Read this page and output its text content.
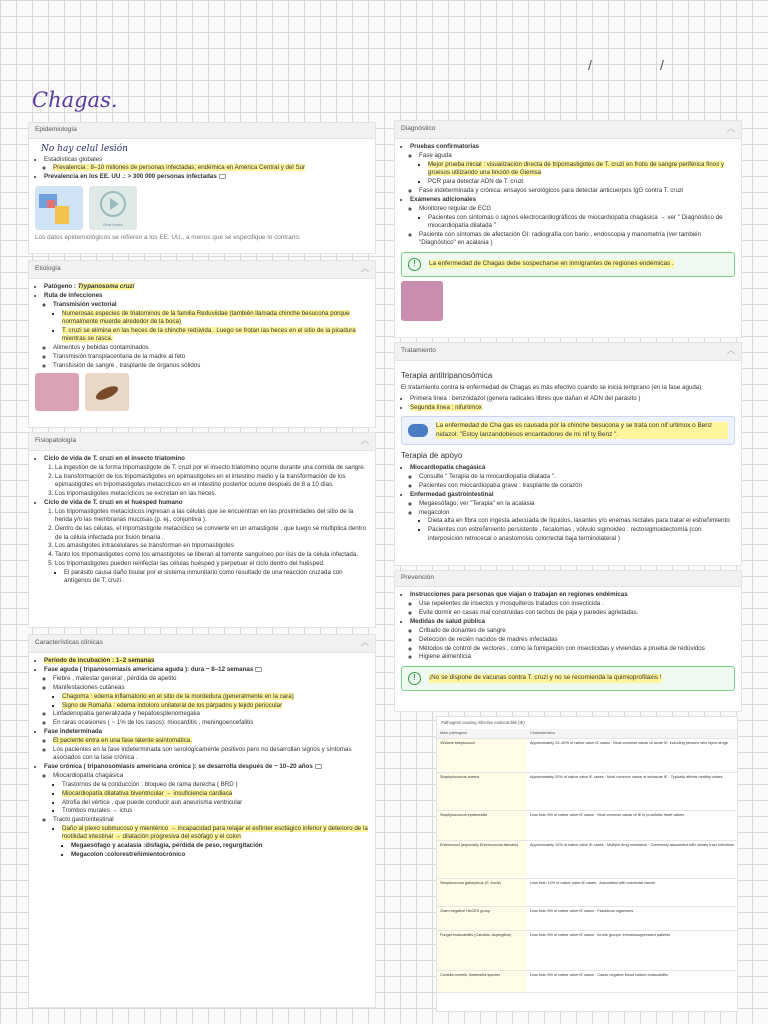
Chagas.
/	/
Epidemiología
No hay celul lesión
• Estadísticas globales
◦ Prevalencia : 8–10 millones de personas infectadas; endémica en América Central y del Sur
• Prevalencia en los EE. UU .: > 300 000 personas infectadas

Read Nodes
Los datos epidemiológicos se refieren a los EE. UU., a menos que se especifique lo contrario.
Etiología	︿
• Patógeno : Trypanosoma cruzi
• Ruta de infecciones
◦ Transmisión vectorial
▪ Numerosas especies de triatominos de la familia Reduviidae (también llamada chinche besucona porque normalmente muerde alrededor de la boca)
▪ T. cruzi se elimina en las heces de la chinche redúvida . Luego se frotan las heces en el sitio de la picadura mientras se rasca.
◦ Alimentos y bebidas contaminados
◦ Transmisión transplacentaria de la madre al feto
◦ Transfusión de sangre , trasplante de órganos sólidos

Fisiopatología	︿
• Ciclo de vida de T. cruzi en el insecto triatomino
1. La ingestión de la forma tripomastigote de T. cruzi por el insecto triatomino ocurre durante una comida de sangre.
2. La transformación de los tripomastigotes en epimastigotes en el intestino medio y la transformación de los epimastigotes en tripomastigotes metacíclicos en el intestino posterior ocurre después de 8 a 10 días.
3. Los tripomastigotes metacíclicos se excretan en las heces.
• Ciclo de vida de T. cruzi en el huésped humano
1. Los tripomastigotes metacíclicos ingresan a las células que se encuentran en las proximidades del sitio de la herida y/o las membranas mucosas (p. ej., conjuntiva ).
2. Dentro de las células, el tripomastigote metacíclico se convierte en un amastigote , que luego se multiplica dentro de la célula infectada por fisión binaria .
3. Los amastigotes intracelulares se transforman en tripomastigotes
4. Tanto los tripomastigotes como los amastigotes se liberan al torrente sanguíneo por lisis de la célula infectada.
5. Los tripomastigotes pueden reinfectar las células huésped y perpetuar el ciclo dentro del huésped.
▪ El parásito causa daño tisular por el sistema inmunitario como resultado de una reacción cruzada con antígenos de T. cruzi .
Características clínicas	︿
• Período de incubación : 1–2 semanas
• Fase aguda ( tripanosomiasis americana aguda ): dura ~ 8–12 semanas
◦ Fiebre , malestar general , pérdida de apetito
◦ Manifestaciones cutáneas
▪ Chagoma : edema inflamatorio en el sitio de la mordedura (generalmente en la cara)
▪ Signo de Romaña : edema indoloro unilateral de los párpados y tejido periocular
◦ Linfadenopatía generalizada y hepatoesplenomegalia
◦ En raras ocasiones ( ~ 1% de los casos): miocarditis , meningoencefalitis
• Fase indeterminada
◦ El paciente entra en una fase latente asintomática.
◦ Los pacientes en la fase indeterminada son serológicamente positivos pero no desarrollan signos y síntomas asociados con la fase crónica .
• Fase crónica ( tripanosomiasis americana crónica ): se desarrolla después de ~ 10–20 años
◦ Miocardiopatía chagásica
▪ Trastornos de la conducción : bloqueo de rama derecha ( BRD )
▪ Miocardiopatía dilatativa biventricular → insuficiencia cardiaca
▪ Atrofia del vértice , que puede conducir aun aneurisma ventricular
▪ Trombos murales → ictus
◦ Tracto gastrointestinal
▪ Daño al plexo submucoso y mientérico → incapacidad para relajar el esfínter esofágico inferior y deterioro de la motilidad intestinal → dilatación progresiva del esófago y el colon
▪ Megaesófago y acalasia :disfagia, pérdida de peso, regurgitación
▪ Megacolon :colorestreñimientocrónico
Diagnóstico	︿
• Pruebas confirmatorias
◦ Fase aguda
▪ Mejor prueba inicial : visualización directa de tripomastigotes de T. cruzi en frotis de sangre periférica finos y gruesos utilizando una tinción de Giemsa
▪ PCR para detectar ADN de T. cruzi
◦ Fase indeterminada y crónica: ensayos serológicos para detectar anticuerpos IgG contra T. cruzi
• Exámenes adicionales
◦ Monitoreo regular de ECG
▪ Pacientes con síntomas o signos electrocardiográficos de miocardiopatía chagásica → ver " Diagnóstico de miocardiopatía dilatada "
◦ Paciente con síntomas de afectación GI: radiografía con bario , endoscopia y manometría (ver también "Diagnóstico" en acalasia )
!	La enfermedad de Chagas debe sospecharse en inmigrantes de regiones endémicas .
Tratamiento	︿
Terapia antitripanosómica
El tratamiento contra la enfermedad de Chagas es más efectivo cuando se inicia temprano (en la fase aguda).
• Primera línea : benznidazol (genera radicales libres que dañan el ADN del parásito )
• Segunda línea : nifurtimox
La enfermedad de Cha gas es causada por la chinche besucona y se trata con nif urtimox o Benz nidazol: "Estoy lanzandobesos encantadores de mi nif ty Benz ".
Terapia de apoyo
• Miocardiopatía chagásica
◦ Consulte " Terapia de la miocardiopatía dilatada ".
◦ Pacientes con miocardiopatía grave : trasplante de corazón
• Enfermedad gastrointestinal
◦ Megaesófago: ver "Terapia" en la acalasia
◦ megacolon
▪ Dieta alta en fibra con ingesta adecuada de líquidos, laxantes y/o enemas rectales para tratar el estreñimiento
▪ Pacientes con estreñimiento persistente , fecalomas , vólvulo sigmoideo : rectosigmoidectomía (con interposición retrocecal o anastomosis colorrectal baja terminolateral )
Prevención
• Instrucciones para personas que viajan o trabajan en regiones endémicas
◦ Use repelentes de insectos y mosquiteros tratados con insecticida .
◦ Evite dormir en casas mal construidas con techos de paja y paredes agrietadas.
• Medidas de salud pública
◦ Cribado de donantes de sangre
◦ Detección de recién nacidos de madres infectadas
◦ Métodos de control de vectores , como la fumigación con insecticidas y viviendas a prueba de redúvidos
◦ Higiene alimenticia
!	¡No se dispone de vacunas contra T. cruzi y no se recomienda la quimioprofilaxis !
Pathogens causing infective endocarditis (IE)
Main pathogens	Characteristics
Viridans streptococci	Approximately 20–40% of native valve IE cases · Most common cause of acute IE, including persons who inject drugs
Staphylococcus aureus	Approximately 20% of native valve IE cases · Most common cause of subacute IE · Typically affects healthy valves
Staphylococcus epidermidis	Less than 5% of native valve IE cases · Most common cause of IE in prosthetic heart valves
Enterococci (especially Enterococcus faecalis)	Approximately 10% of native valve IE cases · Multiple drug resistance · Commonly associated with urinary tract infections
Streptococcus gallolyticus (S. bovis)	Less than 10% of native valve IE cases · Associated with colorectal cancer
Gram-negative HACEK group	Less than 5% of native valve IE cases · Fastidious organisms
Fungal endocarditis (Candida, Aspergillus)	Less than 5% of native valve IE cases · At-risk groups: immunosuppressed patients
Coxiella burnetii, Bartonella species	Less than 5% of native valve IE cases · Cause negative blood culture endocarditis
